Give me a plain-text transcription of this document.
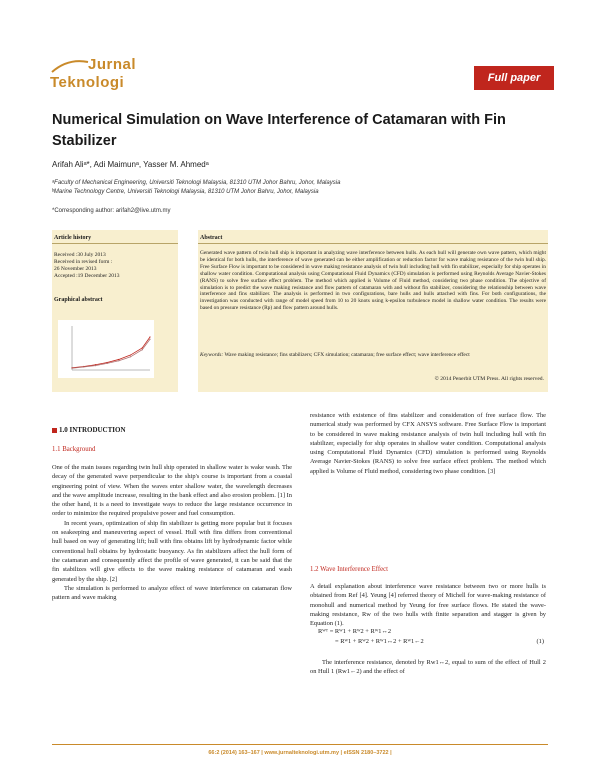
Jurnal
Teknologi	Full paper
Numerical Simulation on Wave Interference of Catamaran with Fin Stabilizer
Arifah Aliᵃ*, Adi Maimunᵃ, Yasser M. Ahmedᵃ
ᵃFaculty of Mechanical Engineering, Universiti Teknologi Malaysia, 81310 UTM Johor Bahru, Johor, Malaysia
ᵇMarine Technology Centre, Universiti Teknologi Malaysia, 81310 UTM Johor Bahru, Johor, Malaysia
*Corresponding author: arifah2@live.utm.my
Article history
Received :30 July 2013
Received in revised form :
26 November 2013
Accepted :19 December 2013
Graphical abstract
Abstract
Generated wave pattern of twin hull ship is important in analyzing wave interference between hulls. As each hull will generate own wave pattern, which might be identical for both hulls, the interference of wave generated can be either amplification or reduction factor for wave making resistance of the twin hull ship. Free Surface Flow is important to be considered in wave making resistance analysis of twin hull including hull with fin stabilizer, especially for ship operates in shallow water condition. Computational analysis using Computational Fluid Dynamics (CFD) simulation is performed using Reynolds Average Navier-Stokes (RANS) to solve free surface effect problem. The method which applied is Volume of Fluid method, considering two phase condition. The objective of simulation is to predict the wave making resistance and flow pattern of catamaran with and without fin stabilizer, considering the relationship between wave interference and fins stabilizer. The analysis is performed in two configurations, bare hulls and hulls attached with fins. For both configurations, the investigation was conducted with range of model speed from 10 to 20 knots using k-epsilon turbulence model in shallow water condition. The results were based on pressure resistance (Rp) and flow pattern around hulls.
Keywords: Wave making resistance; fins stabilizers; CFX simulation; catamaran; free surface effect; wave interference effect
© 2014 Penerbit UTM Press. All rights reserved.
1.0 INTRODUCTION
1.1 Background

One of the main issues regarding twin hull ship operated in shallow water is wake wash. The decay of the generated wave perpendicular to the ship's course is important from a coastal engineering point of view. When the waves enter shallow water, the wavelength decreases and the wave amplitude increase, resulting in the bank effect and also erosion problem. [1] In the other hand, it is a need to investigate ways to reduce the large resistance occurrence in order to minimize the required propulsive power and fuel consumption.

In recent years, optimization of ship fin stabilizer is getting more popular but it focuses on seakeeping and maneuvering aspect of vessel. Hull with fins differs from conventional hull based on way of generating lift; hull with fins obtains lift by hydrodynamic factor while conventional hull obtains by hydrostatic buoyancy. As fin stabilizers affect the hull form of the catamaran and consequently affect the profile of wave generated, it can be said that the fin stabilizes will give effects to the wave making resistance of catamaran and wash generated by the ship. [2]

The simulation is performed to analyze effect of wave interference on catamaran flow pattern and wave making

resistance with existence of fins stabilizer and consideration of free surface flow. The numerical study was performed by CFX ANSYS software. Free Surface Flow is important to be considered in wave making resistance analysis of twin hull including hull with fin stabilizer, especially for ship operates in shallow water condition. Computational analysis using Computational Fluid Dynamics (CFD) simulation is performed using Reynolds Average Navier-Stokes (RANS) to solve free surface effect problem. The method which applied is Volume of Fluid method, considering two phase condition. [3]

1.2 Wave Interference Effect

A detail explanation about interference wave resistance between two or more hulls is obtained from Ref [4]. Yeung [4] referred theory of Michell for wave-making resistance of monohull and numerical method by Yeung for free surface flows. He stated the wave-making resistance, Rw of the two hulls with finite separation and stagger is given by Equation (1).

Rᵂᵀ = Rᵂ1 + Rᵂ2 + Rᵂ1↔2
= Rᵂ1 + Rᵂ2 + Rᵂ1↔2 + Rᵂ1←2	(1)

The interference resistance, denoted by Rw1↔2, equal to sum of the effect of Hull 2 on Hull 1 (Rw1←2) and the effect of

66:2 (2014) 163–167 | www.jurnalteknologi.utm.my | eISSN 2180–3722 |
